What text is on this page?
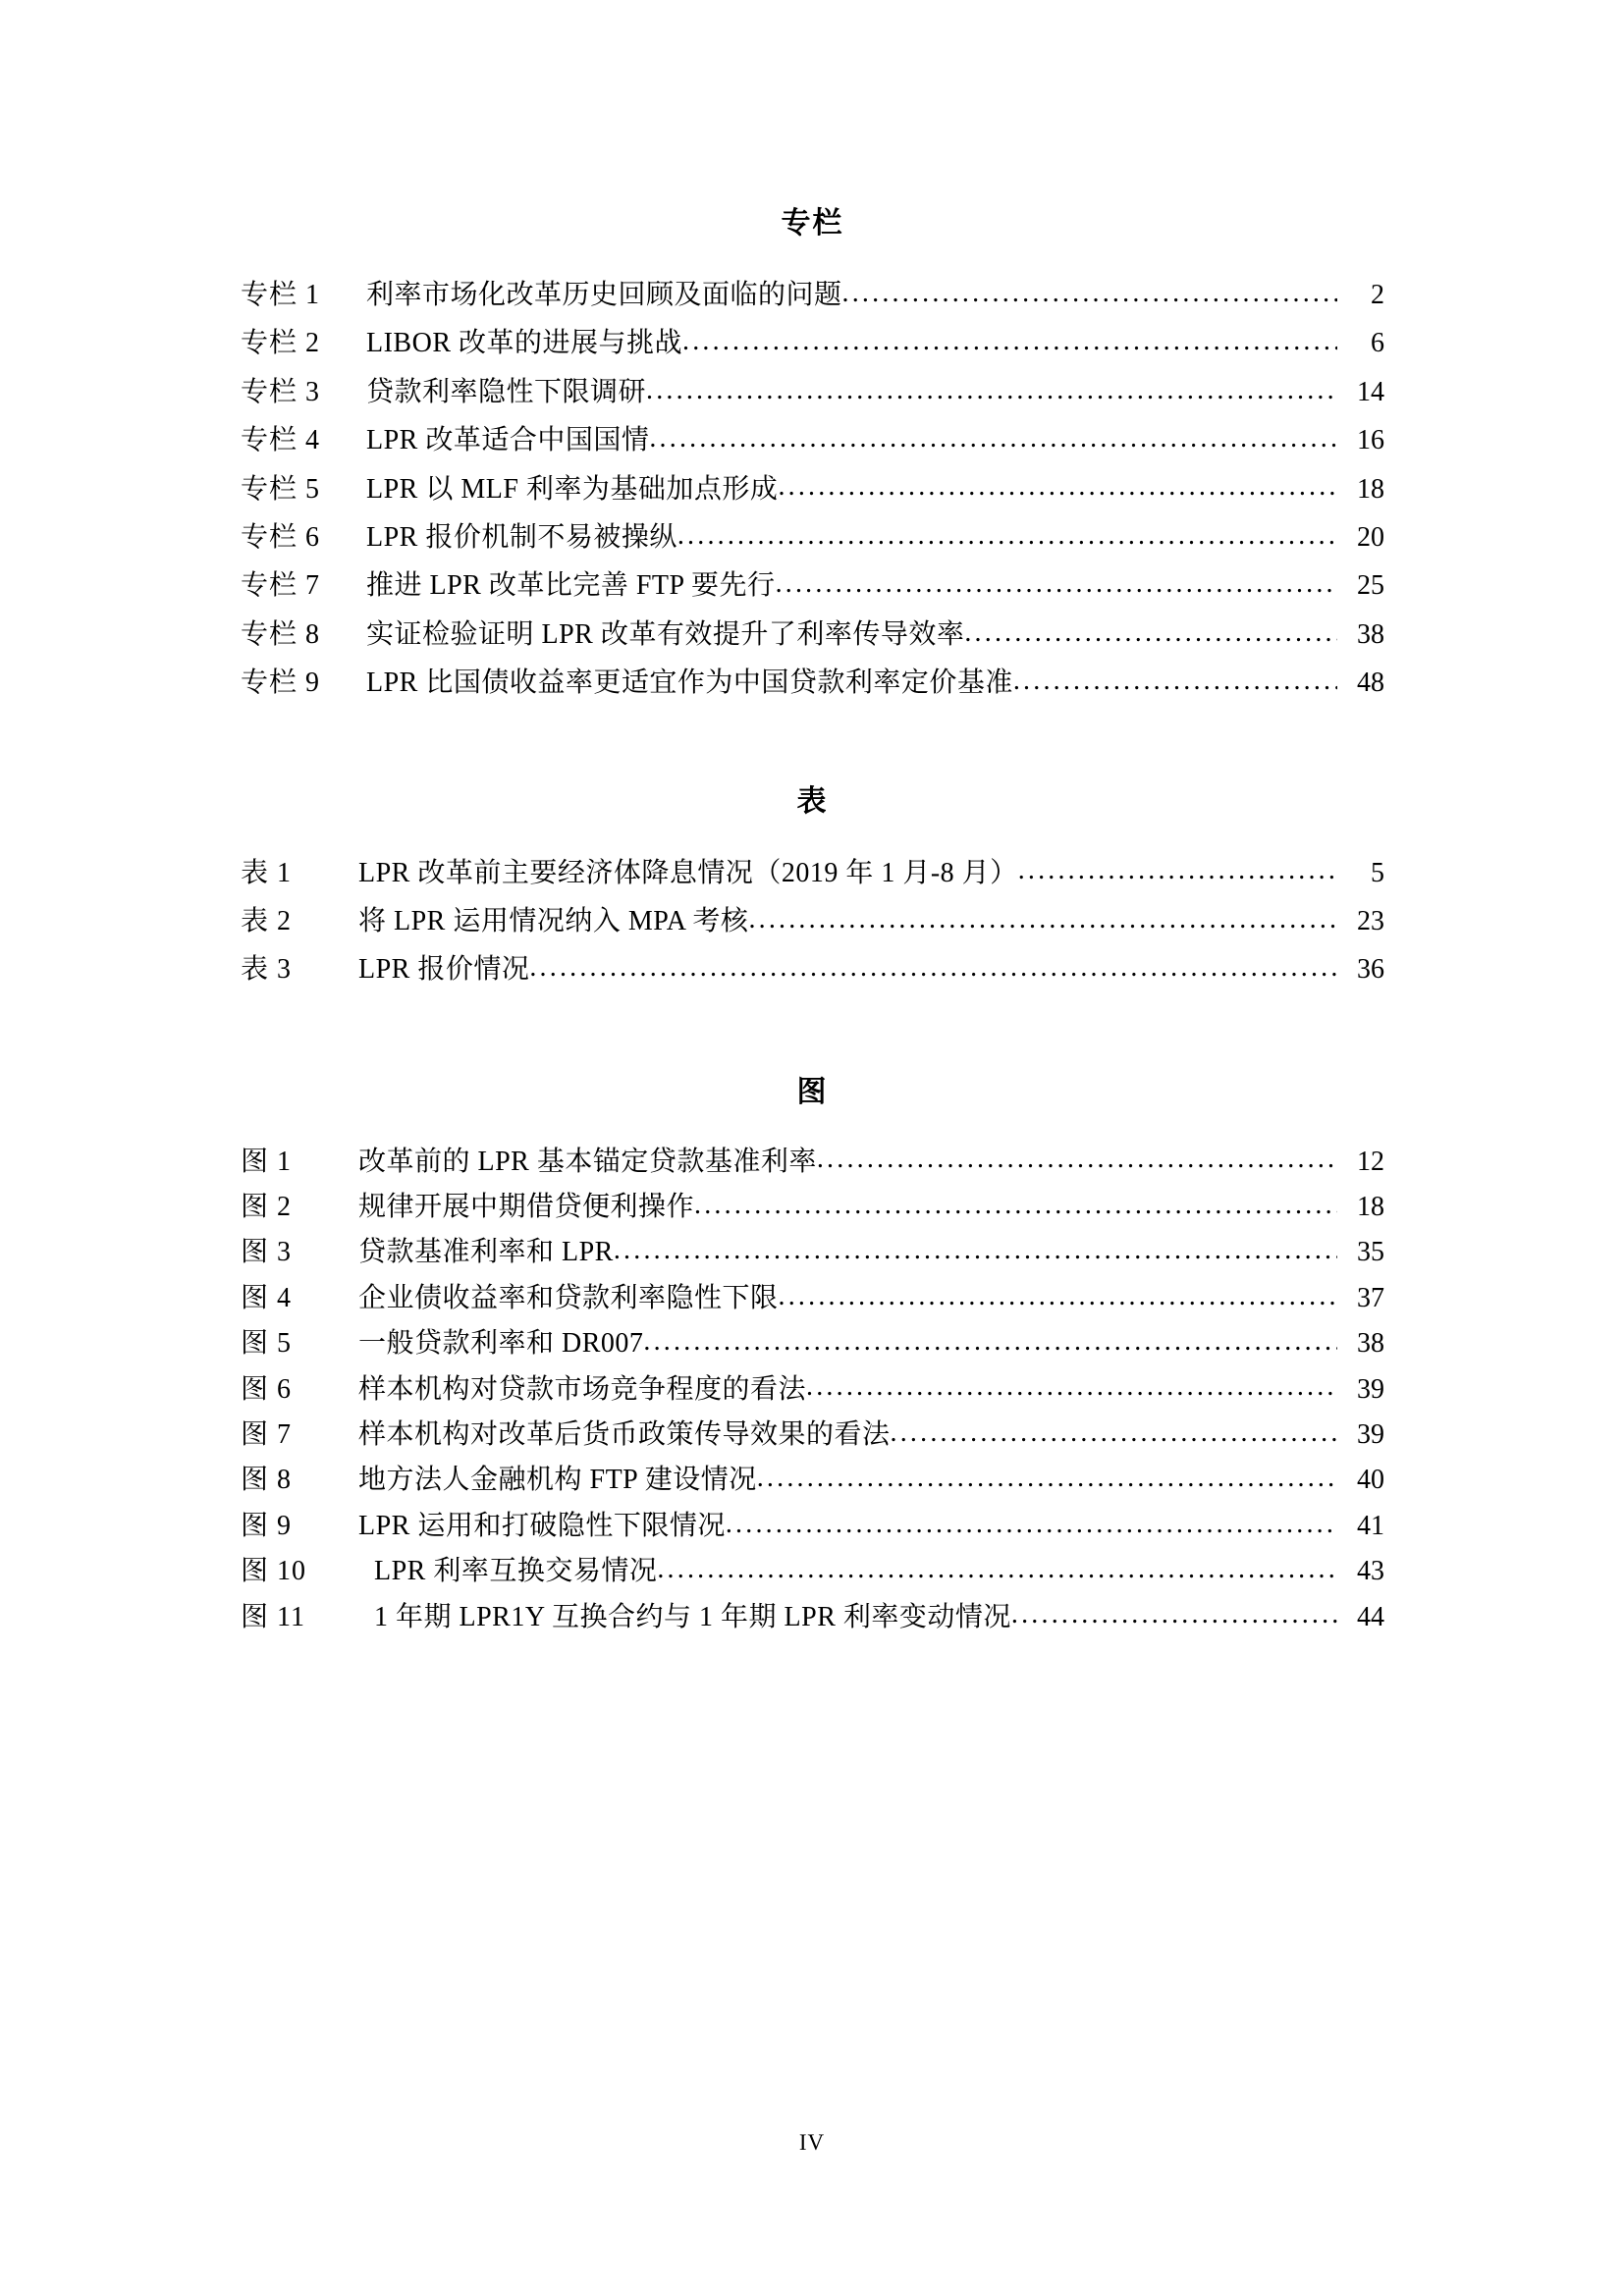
专栏
专栏 1	利率市场化改革历史回顾及面临的问题 .....	2
专栏 2	LIBOR 改革的进展与挑战 .....	6
专栏 3	贷款利率隐性下限调研 .....	14
专栏 4	LPR 改革适合中国国情 .....	16
专栏 5	LPR 以 MLF 利率为基础加点形成 .....	18
专栏 6	LPR 报价机制不易被操纵 .....	20
专栏 7	推进 LPR 改革比完善 FTP 要先行 .....	25
专栏 8	实证检验证明 LPR 改革有效提升了利率传导效率 .....	38
专栏 9	LPR 比国债收益率更适宜作为中国贷款利率定价基准 .....	48
表
表 1	LPR 改革前主要经济体降息情况（2019 年 1 月-8 月） .....	5
表 2	将 LPR 运用情况纳入 MPA 考核 .....	23
表 3	LPR 报价情况 .....	36
图
图 1	改革前的 LPR 基本锚定贷款基准利率 .....	12
图 2	规律开展中期借贷便利操作 .....	18
图 3	贷款基准利率和 LPR .....	35
图 4	企业债收益率和贷款利率隐性下限 .....	37
图 5	一般贷款利率和 DR007 .....	38
图 6	样本机构对贷款市场竞争程度的看法 .....	39
图 7	样本机构对改革后货币政策传导效果的看法 .....	39
图 8	地方法人金融机构 FTP 建设情况 .....	40
图 9	LPR 运用和打破隐性下限情况 .....	41
图 10	LPR 利率互换交易情况 .....	43
图 11	1 年期 LPR1Y 互换合约与 1 年期 LPR 利率变动情况 .....	44
IV
